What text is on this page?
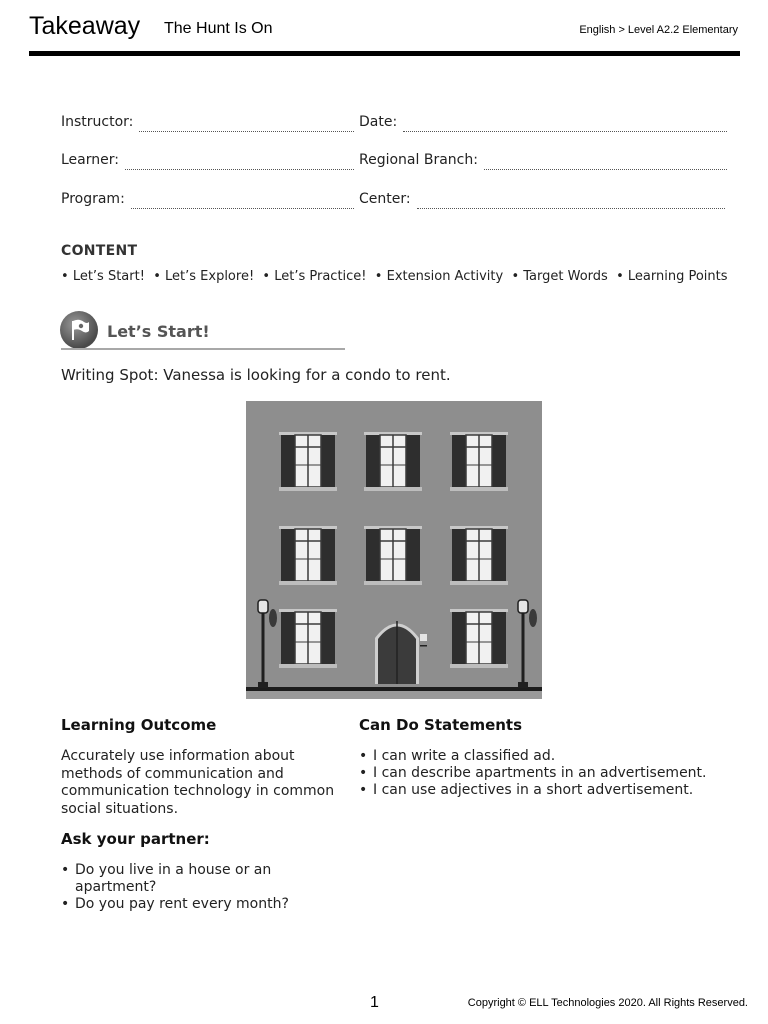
Takeaway The Hunt Is On	English > Level A2.2 Elementary
Instructor:	Date:
Learner:	Regional Branch:
Program:	Center:
CONTENT
• Let’s Start!  • Let’s Explore!  • Let’s Practice!  • Extension Activity  • Target Words  • Learning Points
Let’s Start!
Writing Spot: Vanessa is looking for a condo to rent.
Learning Outcome
Accurately use information about methods of communication and communication technology in common social situations.
Can Do Statements
• I can write a classified ad.
• I can describe apartments in an advertisement.
• I can use adjectives in a short advertisement.
Ask your partner:
• Do you live in a house or an apartment?
• Do you pay rent every month?
1	Copyright © ELL Technologies 2020. All Rights Reserved.
